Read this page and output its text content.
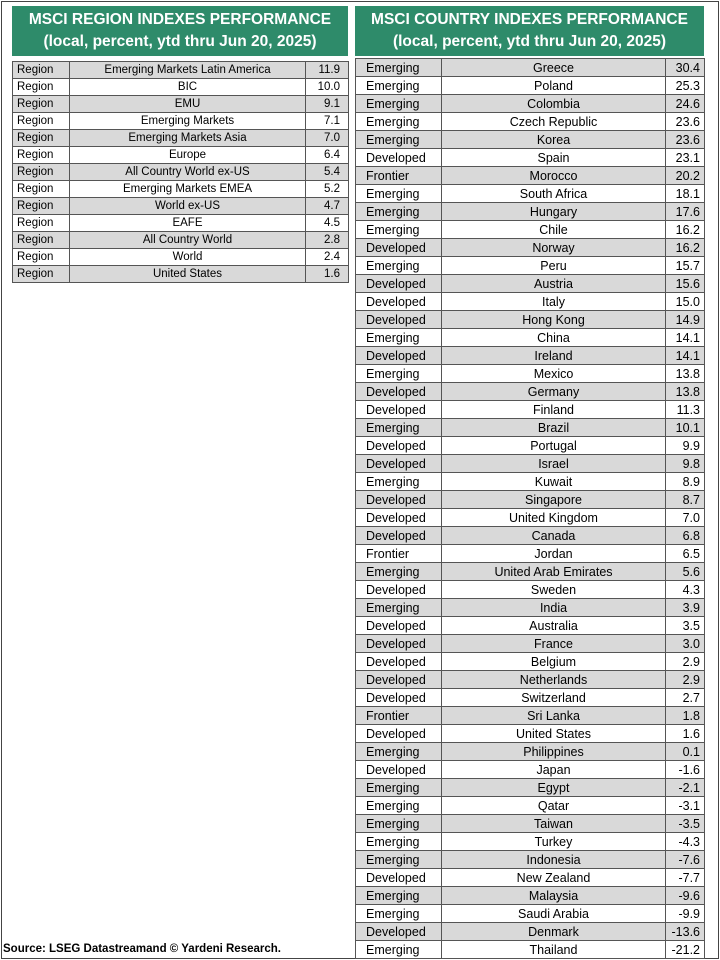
MSCI REGION INDEXES PERFORMANCE
(local, percent, ytd thru Jun 20, 2025)
Region	Emerging Markets Latin America	11.9
Region	BIC	10.0
Region	EMU	9.1
Region	Emerging Markets	7.1
Region	Emerging Markets Asia	7.0
Region	Europe	6.4
Region	All Country World ex-US	5.4
Region	Emerging Markets EMEA	5.2
Region	World ex-US	4.7
Region	EAFE	4.5
Region	All Country World	2.8
Region	World	2.4
Region	United States	1.6
MSCI COUNTRY INDEXES PERFORMANCE
(local, percent, ytd thru Jun 20, 2025)
Emerging	Greece	30.4
Emerging	Poland	25.3
Emerging	Colombia	24.6
Emerging	Czech Republic	23.6
Emerging	Korea	23.6
Developed	Spain	23.1
Frontier	Morocco	20.2
Emerging	South Africa	18.1
Emerging	Hungary	17.6
Emerging	Chile	16.2
Developed	Norway	16.2
Emerging	Peru	15.7
Developed	Austria	15.6
Developed	Italy	15.0
Developed	Hong Kong	14.9
Emerging	China	14.1
Developed	Ireland	14.1
Emerging	Mexico	13.8
Developed	Germany	13.8
Developed	Finland	11.3
Emerging	Brazil	10.1
Developed	Portugal	9.9
Developed	Israel	9.8
Emerging	Kuwait	8.9
Developed	Singapore	8.7
Developed	United Kingdom	7.0
Developed	Canada	6.8
Frontier	Jordan	6.5
Emerging	United Arab Emirates	5.6
Developed	Sweden	4.3
Emerging	India	3.9
Developed	Australia	3.5
Developed	France	3.0
Developed	Belgium	2.9
Developed	Netherlands	2.9
Developed	Switzerland	2.7
Frontier	Sri Lanka	1.8
Developed	United States	1.6
Emerging	Philippines	0.1
Developed	Japan	-1.6
Emerging	Egypt	-2.1
Emerging	Qatar	-3.1
Emerging	Taiwan	-3.5
Emerging	Turkey	-4.3
Emerging	Indonesia	-7.6
Developed	New Zealand	-7.7
Emerging	Malaysia	-9.6
Emerging	Saudi Arabia	-9.9
Developed	Denmark	-13.6
Emerging	Thailand	-21.2
Source: LSEG Datastreamand © Yardeni Research.
